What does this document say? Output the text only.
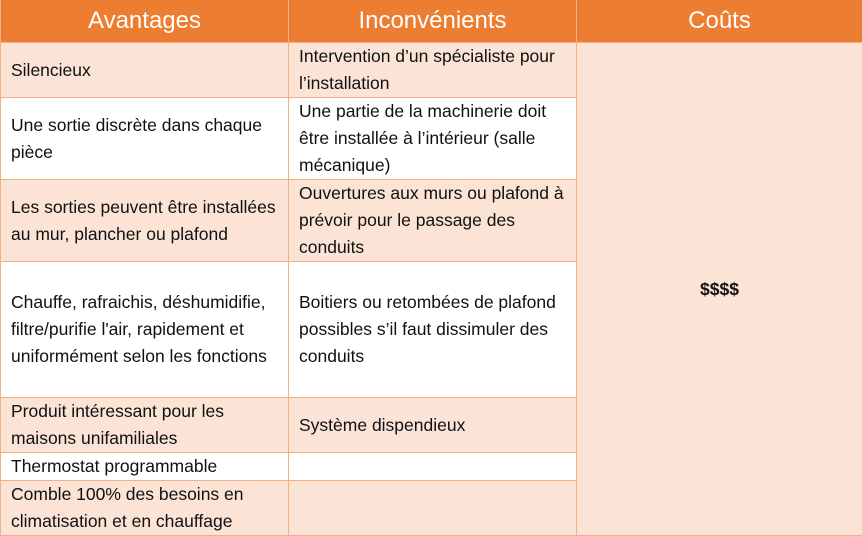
Avantages	Inconvénients	Coûts
Silencieux	Intervention d’un spécialiste pour l’installation	$$$$
Une sortie discrète dans chaque pièce	Une partie de la machinerie doit être installée à l’intérieur (salle mécanique)	
Les sorties peuvent être installées au mur, plancher ou plafond	Ouvertures aux murs ou plafond à prévoir pour le passage des conduits	
Chauffe, rafraichis, déshumidifie, filtre/purifie l'air, rapidement et uniformément selon les fonctions	Boitiers ou retombées de plafond possibles s’il faut dissimuler des conduits	
Produit intéressant pour les maisons unifamiliales	Système dispendieux	
Thermostat programmable		
Comble 100% des besoins en climatisation et en chauffage		
